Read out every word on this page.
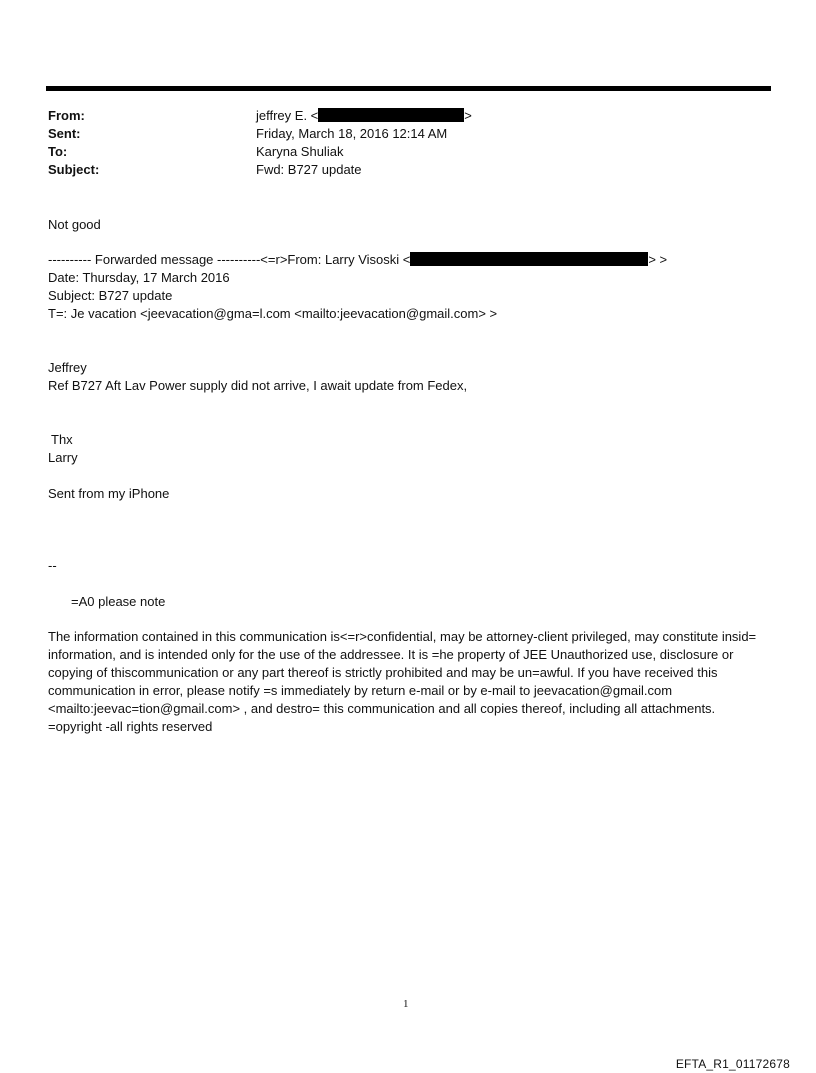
From:	jeffrey E. <	>
Sent:	Friday, March 18, 2016 12:14 AM
To:	Karyna Shuliak
Subject:	Fwd: B727 update
Not good
---------- Forwarded message ----------<=r>From: Larry Visoski <	> >
Date: Thursday, 17 March 2016
Subject: B727 update
T=: Je vacation <jeevacation@gma=l.com <mailto:jeevacation@gmail.com> >
Jeffrey
Ref B727 Aft Lav Power supply did not arrive, I await update from Fedex,
Thx
Larry
Sent from my iPhone
--
=A0 please note
The information contained in this communication is<=r>confidential, may be attorney-client privileged, may constitute insid= information, and is intended only for the use of the addressee. It is =he property of JEE Unauthorized use, disclosure or copying of thiscommunication or any part thereof is strictly prohibited and may be un=awful. If you have received this communication in error, please notify =s immediately by return e-mail or by e-mail to jeevacation@gmail.com <mailto:jeevac=tion@gmail.com> , and destro= this communication and all copies thereof, including all attachments. =opyright -all rights reserved
1
EFTA_R1_01172678
